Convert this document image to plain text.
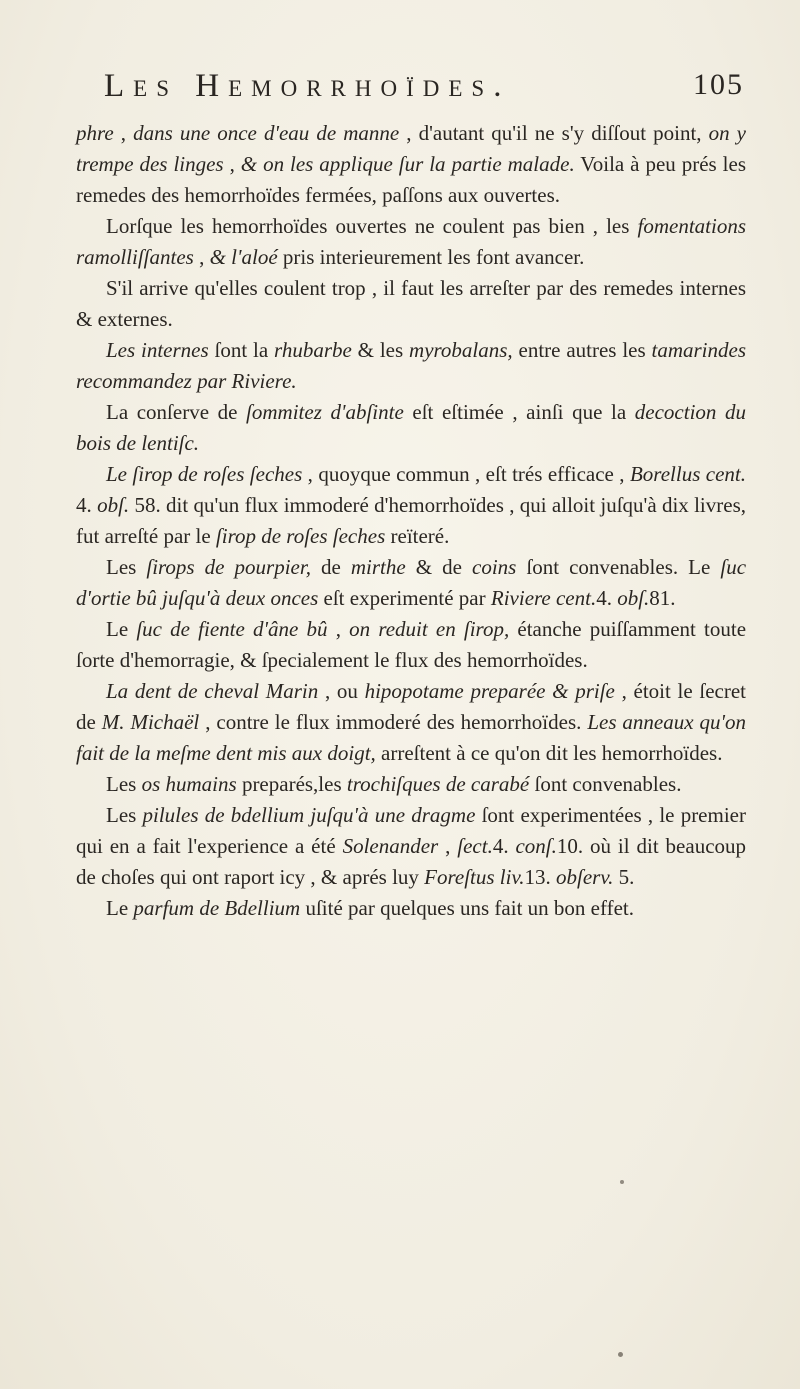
Les Hemorrhoïdes.	105

phre , dans une once d'eau de manne , d'autant qu'il ne s'y diſſout point, on y trempe des linges , & on les applique ſur la partie malade. Voila à peu prés les remedes des hemorrhoïdes fermées, paſſons aux ouvertes.

Lorſque les hemorrhoïdes ouvertes ne coulent pas bien , les fomentations ramolliſſantes , & l'aloé pris interieurement les font avancer.

S'il arrive qu'elles coulent trop , il faut les arreſter par des remedes internes & externes.

Les internes ſont la rhubarbe & les myrobalans, entre autres les tamarindes recommandez par Riviere.

La conſerve de ſommitez d'abſinte eſt eſtimée , ainſi que la decoction du bois de lentiſc.

Le ſirop de roſes ſeches , quoyque commun , eſt trés efficace , Borellus cent. 4. obſ. 58. dit qu'un flux immoderé d'hemorrhoïdes , qui alloit juſqu'à dix livres, fut arreſté par le ſirop de roſes ſeches reïteré.

Les ſirops de pourpier, de mirthe & de coins ſont convenables. Le ſuc d'ortie bû juſqu'à deux onces eſt experimenté par Riviere cent.4. obſ.81.

Le ſuc de fiente d'âne bû , on reduit en ſirop, étanche puiſſamment toute ſorte d'hemorragie, & ſpecialement le flux des hemorrhoïdes.

La dent de cheval Marin , ou hipopotame preparée & priſe , étoit le ſecret de M. Michaël , contre le flux immoderé des hemorrhoïdes. Les anneaux qu'on fait de la meſme dent mis aux doigt, arreſtent à ce qu'on dit les hemorrhoïdes.

Les os humains preparés,les trochiſques de carabé ſont convenables.

Les pilules de bdellium juſqu'à une dragme ſont experimentées , le premier qui en a fait l'experience a été Solenander , ſect.4. conſ.10. où il dit beaucoup de choſes qui ont raport icy , & aprés luy Foreſtus liv.13. obſerv. 5.

Le parfum de Bdellium uſité par quelques uns fait un bon effet.
